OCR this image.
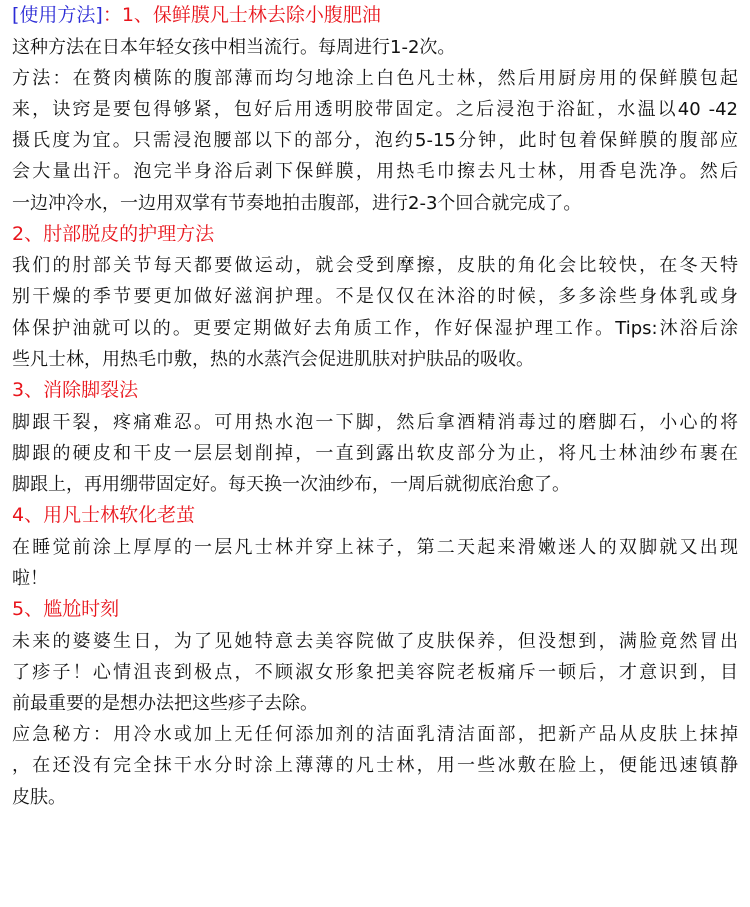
[使用方法]：1、保鲜膜凡士林去除小腹肥油

这种方法在日本年轻女孩中相当流行。每周进行1-2次。

方法：在赘肉横陈的腹部薄而均匀地涂上白色凡士林，然后用厨房用的保鲜膜包起
来，诀窍是要包得够紧，包好后用透明胶带固定。之后浸泡于浴缸，水温以40 -42
摄氏度为宜。只需浸泡腰部以下的部分，泡约5-15分钟，此时包着保鲜膜的腹部应
会大量出汗。泡完半身浴后剥下保鲜膜，用热毛巾擦去凡士林，用香皂洗净。然后
一边冲冷水，一边用双掌有节奏地拍击腹部，进行2-3个回合就完成了。

2、肘部脱皮的护理方法

我们的肘部关节每天都要做运动，就会受到摩擦，皮肤的角化会比较快，在冬天特
别干燥的季节要更加做好滋润护理。不是仅仅在沐浴的时候，多多涂些身体乳或身
体保护油就可以的。更要定期做好去角质工作，作好保湿护理工作。Tips:沐浴后涂
些凡士林，用热毛巾敷，热的水蒸汽会促进肌肤对护肤品的吸收。

3、消除脚裂法

脚跟干裂，疼痛难忍。可用热水泡一下脚，然后拿酒精消毒过的磨脚石，小心的将
脚跟的硬皮和干皮一层层刬削掉，一直到露出软皮部分为止，将凡士林油纱布裹在
脚跟上，再用绷带固定好。每天换一次油纱布，一周后就彻底治愈了。

4、用凡士林软化老茧

在睡觉前涂上厚厚的一层凡士林并穿上袜子，第二天起来滑嫩迷人的双脚就又出现
啦！

5、尴尬时刻

未来的婆婆生日，为了见她特意去美容院做了皮肤保养，但没想到，满脸竟然冒出
了疹子！心情沮丧到极点，不顾淑女形象把美容院老板痛斥一顿后，才意识到，目
前最重要的是想办法把这些疹子去除。

应急秘方：用冷水或加上无任何添加剂的洁面乳清洁面部，把新产品从皮肤上抹掉
，在还没有完全抹干水分时涂上薄薄的凡士林，用一些冰敷在脸上，便能迅速镇静
皮肤。
